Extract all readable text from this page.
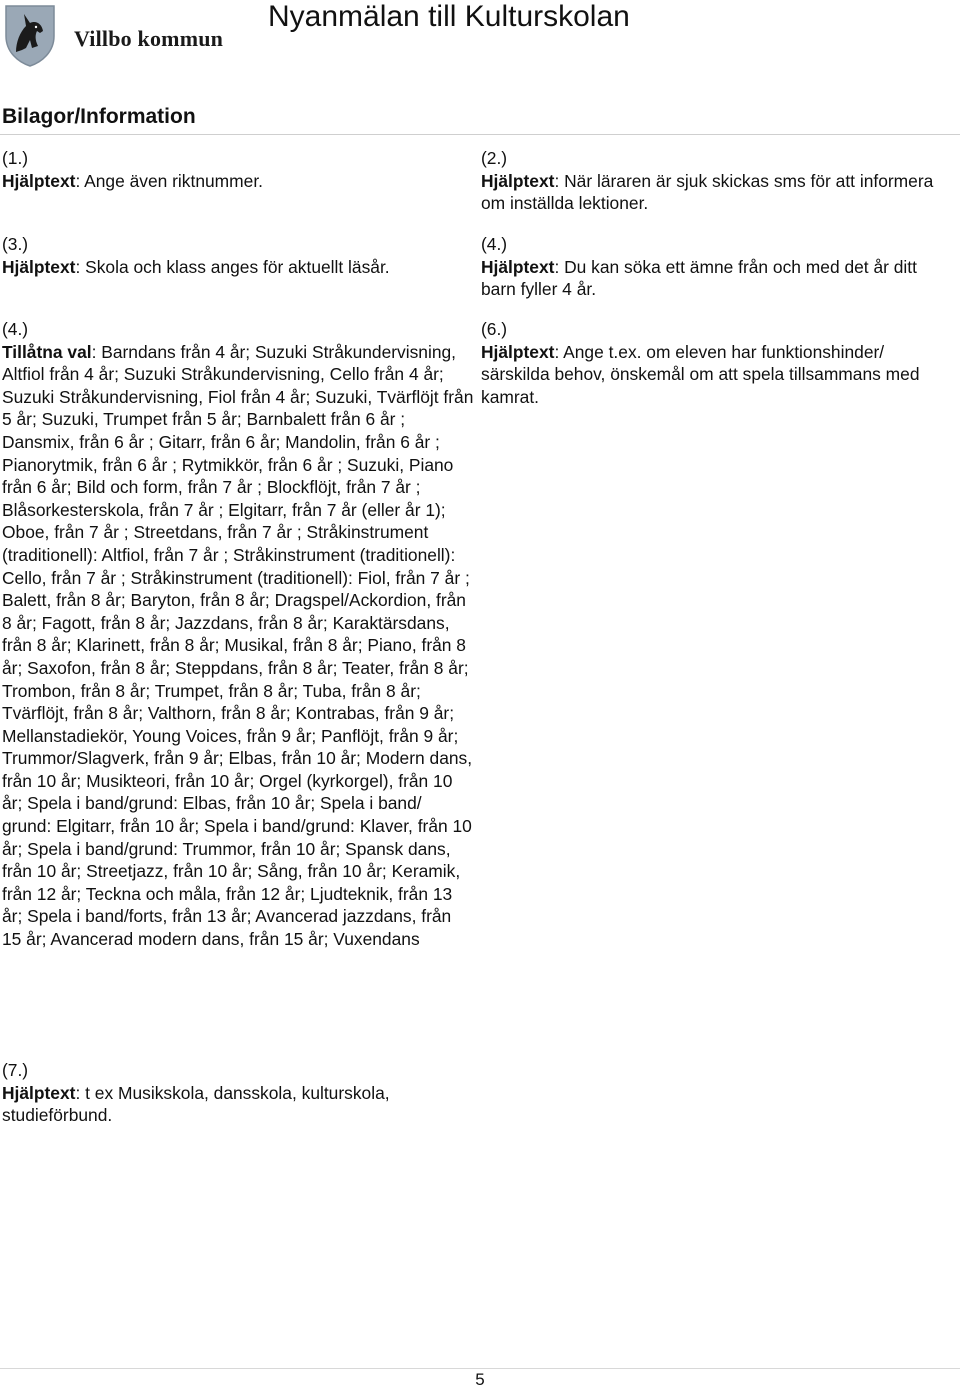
Villbo kommun
Nyanmälan till Kulturskolan
Bilagor/Information
(1.)
Hjälptext: Ange även riktnummer.
(2.)
Hjälptext: När läraren är sjuk skickas sms för att informera om inställda lektioner.
(3.)
Hjälptext: Skola och klass anges för aktuellt läsår.
(4.)
Hjälptext: Du kan söka ett ämne från och med det år ditt barn fyller 4 år.
(4.)
Tillåtna val: Barndans från 4 år; Suzuki Stråkundervisning, Altfiol från 4 år; Suzuki Stråkundervisning, Cello från 4 år; Suzuki Stråkundervisning, Fiol från 4 år; Suzuki, Tvärflöjt från 5 år; Suzuki, Trumpet från 5 år; Barnbalett från 6 år ; Dansmix, från 6 år ; Gitarr, från 6 år; Mandolin, från 6 år ; Pianorytmik, från 6 år ; Rytmikkör, från 6 år ; Suzuki, Piano från 6 år; Bild och form, från 7 år ; Blockflöjt, från 7 år ; Blåsorkesterskola, från 7 år ; Elgitarr, från 7 år (eller år 1); Oboe, från 7 år ; Streetdans, från 7 år ; Stråkinstrument (traditionell): Altfiol, från 7 år ; Stråkinstrument (traditionell): Cello, från 7 år ; Stråkinstrument (traditionell): Fiol, från 7 år ; Balett, från 8 år; Baryton, från 8 år; Dragspel/Ackordion, från 8 år; Fagott, från 8 år; Jazzdans, från 8 år; Karaktärsdans, från 8 år; Klarinett, från 8 år; Musikal, från 8 år; Piano, från 8 år; Saxofon, från 8 år; Steppdans, från 8 år; Teater, från 8 år; Trombon, från 8 år; Trumpet, från 8 år; Tuba, från 8 år; Tvärflöjt, från 8 år; Valthorn, från 8 år; Kontrabas, från 9 år; Mellanstadiekör, Young Voices, från 9 år; Panflöjt, från 9 år; Trummor/Slagverk, från 9 år; Elbas, från 10 år; Modern dans, från 10 år; Musikteori, från 10 år; Orgel (kyrkorgel), från 10 år; Spela i band/grund: Elbas, från 10 år; Spela i band/ grund: Elgitarr, från 10 år; Spela i band/grund: Klaver, från 10 år; Spela i band/grund: Trummor, från 10 år; Spansk dans, från 10 år; Streetjazz, från 10 år; Sång, från 10 år; Keramik, från 12 år; Teckna och måla, från 12 år; Ljudteknik, från 13 år; Spela i band/forts, från 13 år; Avancerad jazzdans, från 15 år; Avancerad modern dans, från 15 år; Vuxendans
(6.)
Hjälptext: Ange t.ex. om eleven har funktionshinder/ särskilda behov, önskemål om att spela tillsammans med kamrat.
(7.)
Hjälptext: t ex Musikskola, dansskola, kulturskola, studieförbund.
5
